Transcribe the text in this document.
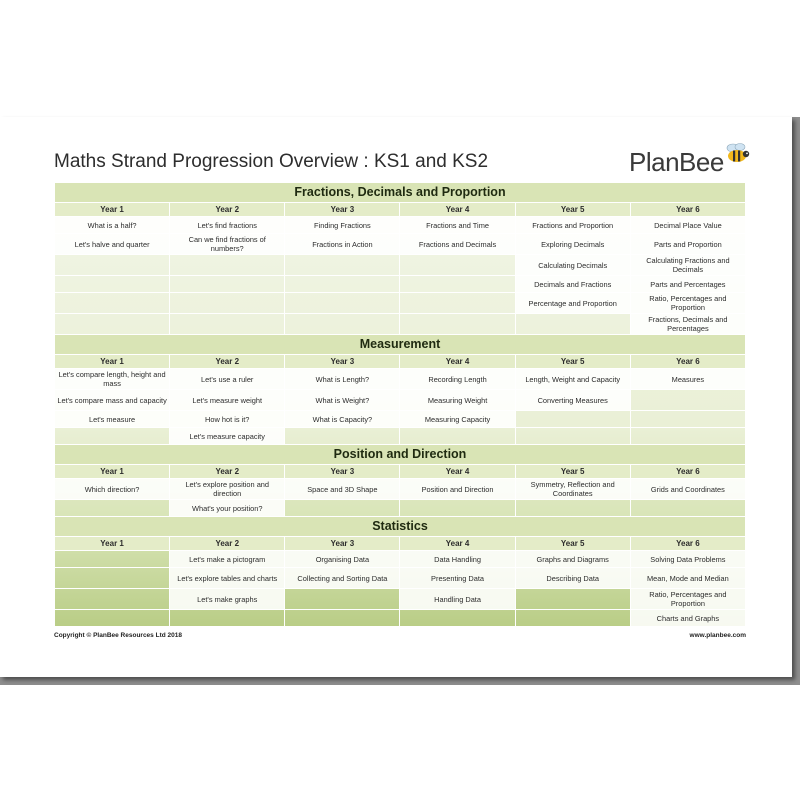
Maths Strand Progression Overview : KS1 and KS2	PlanBee
Fractions, Decimals and Proportion					
Year 1	Year 2	Year 3	Year 4	Year 5	Year 6
What is a half?	Let's find fractions	Finding Fractions	Fractions and Time	Fractions and Proportion	Decimal Place Value
Let's halve and quarter	Can we find fractions of numbers?	Fractions in Action	Fractions and Decimals	Exploring Decimals	Parts and Proportion
				Calculating Decimals	Calculating Fractions and Decimals
				Decimals and Fractions	Parts and Percentages
				Percentage and Proportion	Ratio, Percentages and Proportion
					Fractions, Decimals and Percentages
Measurement					
Year 1	Year 2	Year 3	Year 4	Year 5	Year 6
Let's compare length, height and mass	Let's use a ruler	What is Length?	Recording Length	Length, Weight and Capacity	Measures
Let's compare mass and capacity	Let's measure weight	What is Weight?	Measuring Weight	Converting Measures	
Let's measure	How hot is it?	What is Capacity?	Measuring Capacity		
	Let's measure capacity				
Position and Direction					
Year 1	Year 2	Year 3	Year 4	Year 5	Year 6
Which direction?	Let's explore position and direction	Space and 3D Shape	Position and Direction	Symmetry, Reflection and Coordinates	Grids and Coordinates
	What's your position?				
Statistics					
Year 1	Year 2	Year 3	Year 4	Year 5	Year 6
	Let's make a pictogram	Organising Data	Data Handling	Graphs and Diagrams	Solving Data Problems
	Let's explore tables and charts	Collecting and Sorting Data	Presenting Data	Describing Data	Mean, Mode and Median
	Let's make graphs		Handling Data		Ratio, Percentages and Proportion
					Charts and Graphs
Copyright © PlanBee Resources Ltd 2018	www.planbee.com
